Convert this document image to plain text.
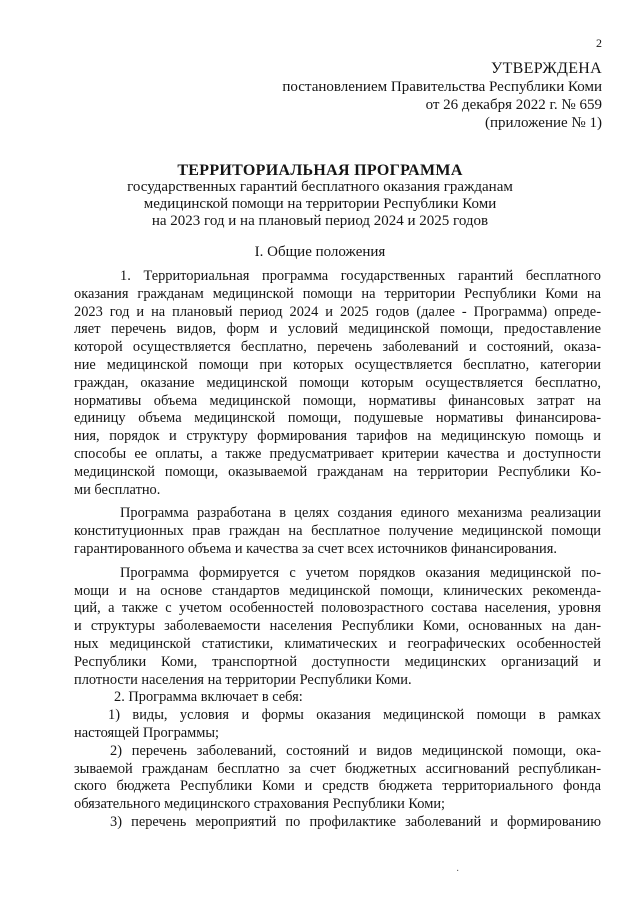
2
УТВЕРЖДЕНА
постановлением Правительства Республики Коми
от 26 декабря 2022 г. № 659
(приложение № 1)
ТЕРРИТОРИАЛЬНАЯ ПРОГРАММА
государственных гарантий бесплатного оказания гражданам
медицинской помощи на территории Республики Коми
на 2023 год и на плановый период 2024 и 2025 годов
I. Общие положения

1. Территориальная программа государственных гарантий бесплатного

оказания гражданам медицинской помощи на территории Республики Коми на

2023 год и на плановый период 2024 и 2025 годов (далее - Программа) опреде-

ляет перечень видов, форм и условий медицинской помощи, предоставление

которой осуществляется бесплатно, перечень заболеваний и состояний, оказа-

ние медицинской помощи при которых осуществляется бесплатно, категории

граждан, оказание медицинской помощи которым осуществляется бесплатно,

нормативы объема медицинской помощи, нормативы финансовых затрат на

единицу объема медицинской помощи, подушевые нормативы финансирова-

ния, порядок и структуру формирования тарифов на медицинскую помощь и

способы ее оплаты, а также предусматривает критерии качества и доступности

медицинской помощи, оказываемой гражданам на территории Республики Ко-

ми бесплатно.

Программа разработана в целях создания единого механизма реализации

конституционных прав граждан на бесплатное получение медицинской помощи

гарантированного объема и качества за счет всех источников финансирования.

Программа формируется с учетом порядков оказания медицинской по-

мощи и на основе стандартов медицинской помощи, клинических рекоменда-

ций, а также с учетом особенностей половозрастного состава населения, уровня

и структуры заболеваемости населения Республики Коми, основанных на дан-

ных медицинской статистики, климатических и географических особенностей

Республики Коми, транспортной доступности медицинских организаций и

плотности населения на территории Республики Коми.

2. Программа включает в себя:

1) виды, условия и формы оказания медицинской помощи в рамках

настоящей Программы;

2) перечень заболеваний, состояний и видов медицинской помощи, ока-

зываемой гражданам бесплатно за счет бюджетных ассигнований республикан-

ского бюджета Республики Коми и средств бюджета территориального фонда

обязательного медицинского страхования Республики Коми;

3) перечень мероприятий по профилактике заболеваний и формированию

·
